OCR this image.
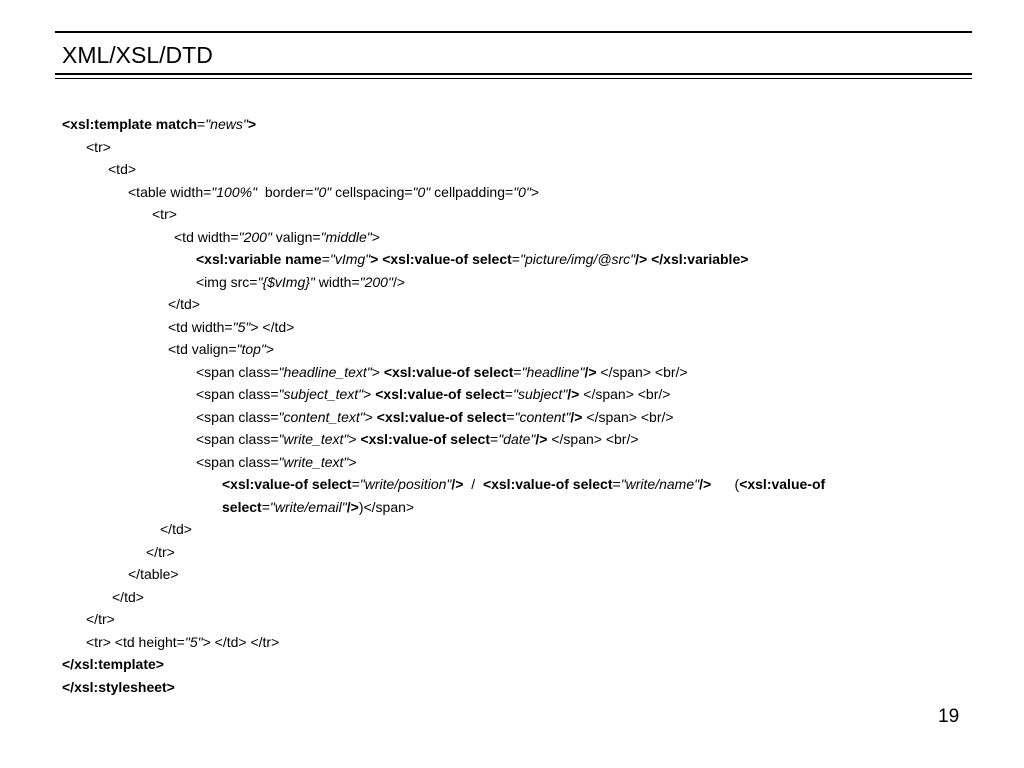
XML/XSL/DTD
<xsl:template match="news">
<tr>
<td>
<table width="100%"  border="0" cellspacing="0" cellpadding="0">
<tr>
<td width="200" valign="middle">
<xsl:variable name="vImg"> <xsl:value-of select="picture/img/@src"/> </xsl:variable>
<img src="{$vImg}" width="200"/>
</td>
<td width="5"> </td>
<td valign="top">
<span class="headline_text"> <xsl:value-of select="headline"/> </span> <br/>
<span class="subject_text"> <xsl:value-of select="subject"/> </span> <br/>
<span class="content_text"> <xsl:value-of select="content"/> </span> <br/>
<span class="write_text"> <xsl:value-of select="date"/> </span> <br/>
<span class="write_text">
<xsl:value-of select="write/position"/>  /  <xsl:value-of select="write/name"/>      (<xsl:value-of
select="write/email"/>)</span>
</td>
</tr>
</table>
</td>
</tr>
<tr> <td height="5"> </td> </tr>
</xsl:template>
</xsl:stylesheet>
19
